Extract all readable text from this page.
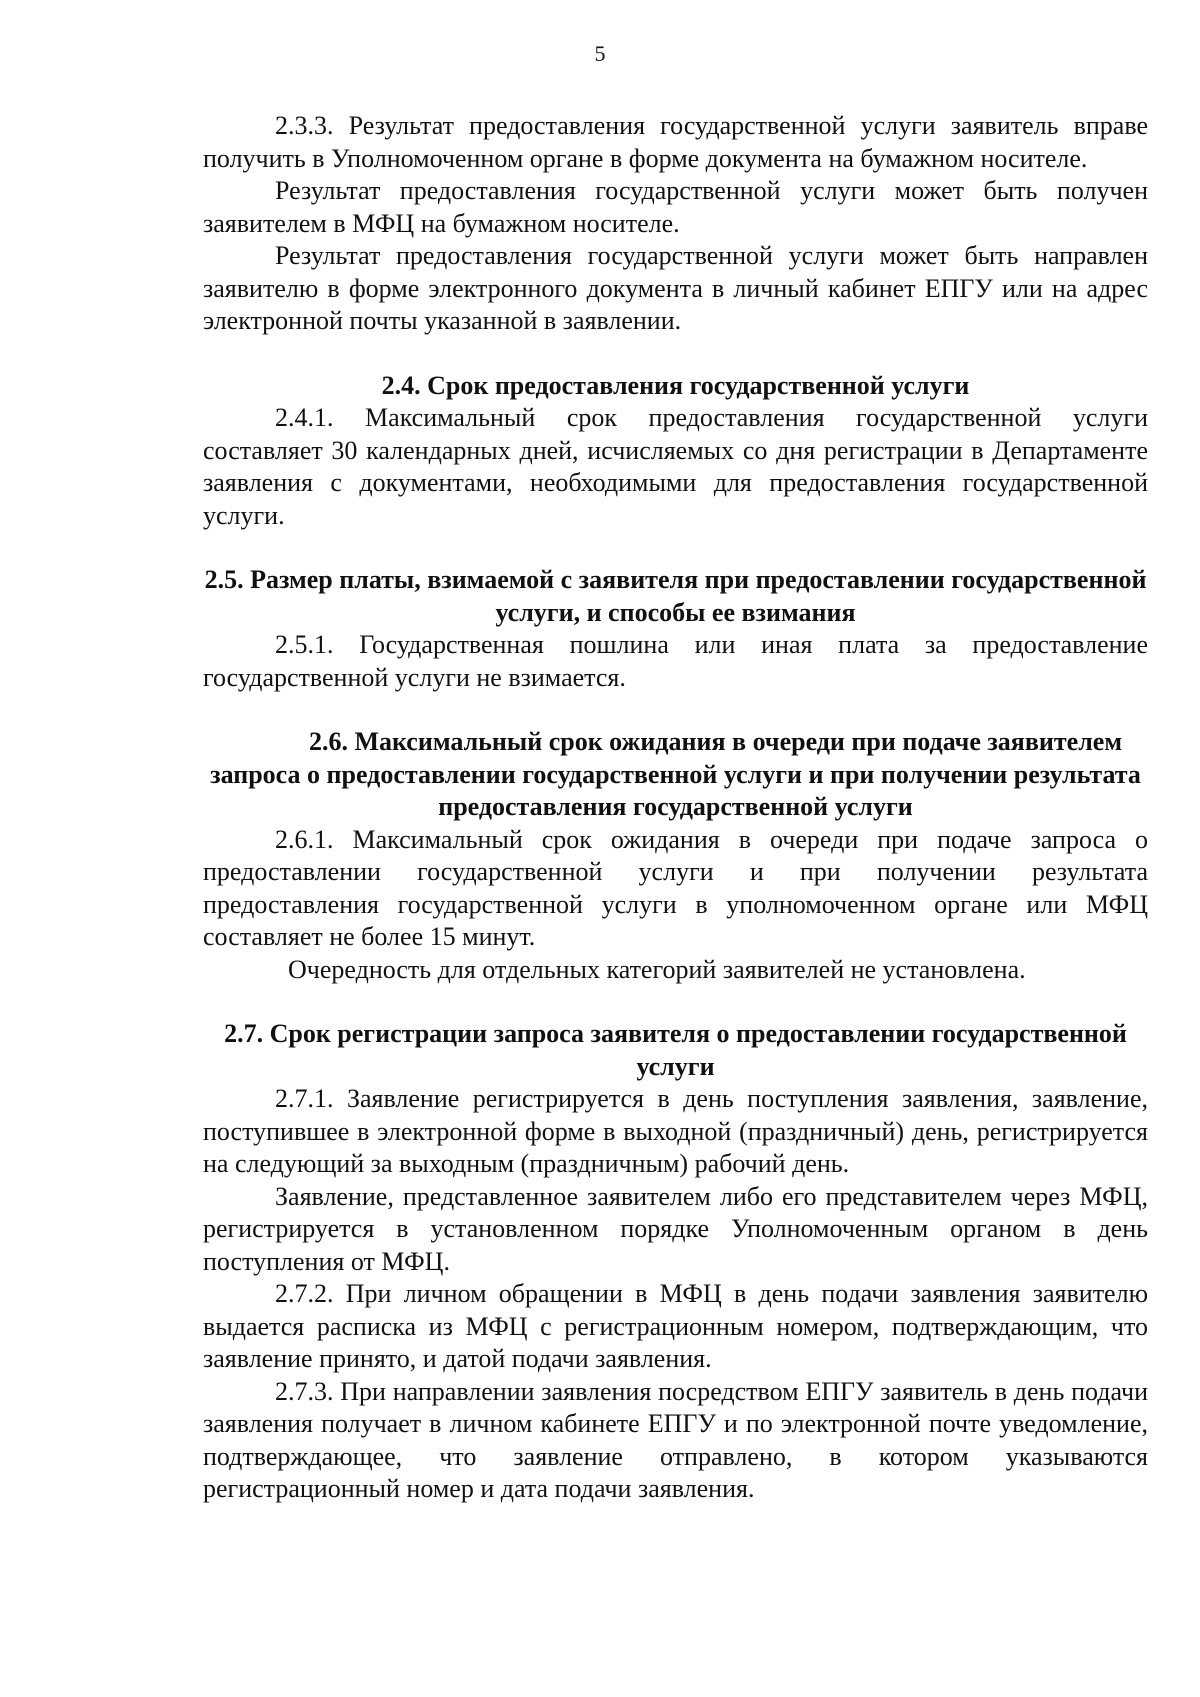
5

2.3.3. Результат предоставления государственной услуги заявитель вправе получить в Уполномоченном органе в форме документа на бумажном носителе.

Результат предоставления государственной услуги может быть получен заявителем в МФЦ на бумажном носителе.

Результат предоставления государственной услуги может быть направлен заявителю в форме электронного документа в личный кабинет ЕПГУ или на адрес электронной почты указанной в заявлении.

2.4. Срок предоставления государственной услуги

2.4.1. Максимальный срок предоставления государственной услуги составляет 30 календарных дней, исчисляемых со дня регистрации в Департаменте заявления с документами, необходимыми для предоставления государственной услуги.

2.5. Размер платы, взимаемой с заявителя при предоставлении государственной услуги, и способы ее взимания

2.5.1. Государственная пошлина или иная плата за предоставление государственной услуги не взимается.

2.6. Максимальный срок ожидания в очереди при подаче заявителем запроса о предоставлении государственной услуги и при получении результата предоставления государственной услуги

2.6.1. Максимальный срок ожидания в очереди при подаче запроса о предоставлении государственной услуги и при получении результата предоставления государственной услуги в уполномоченном органе или МФЦ составляет не более 15 минут.

Очередность для отдельных категорий заявителей не установлена.

2.7. Срок регистрации запроса заявителя о предоставлении государственной услуги

2.7.1. Заявление регистрируется в день поступления заявления, заявление, поступившее в электронной форме в выходной (праздничный) день, регистрируется на следующий за выходным (праздничным) рабочий день.

Заявление, представленное заявителем либо его представителем через МФЦ, регистрируется в установленном порядке Уполномоченным органом в день поступления от МФЦ.

2.7.2. При личном обращении в МФЦ в день подачи заявления заявителю выдается расписка из МФЦ с регистрационным номером, подтверждающим, что заявление принято, и датой подачи заявления.

2.7.3. При направлении заявления посредством ЕПГУ заявитель в день подачи заявления получает в личном кабинете ЕПГУ и по электронной почте уведомление, подтверждающее, что заявление отправлено, в котором указываются регистрационный номер и дата подачи заявления.
